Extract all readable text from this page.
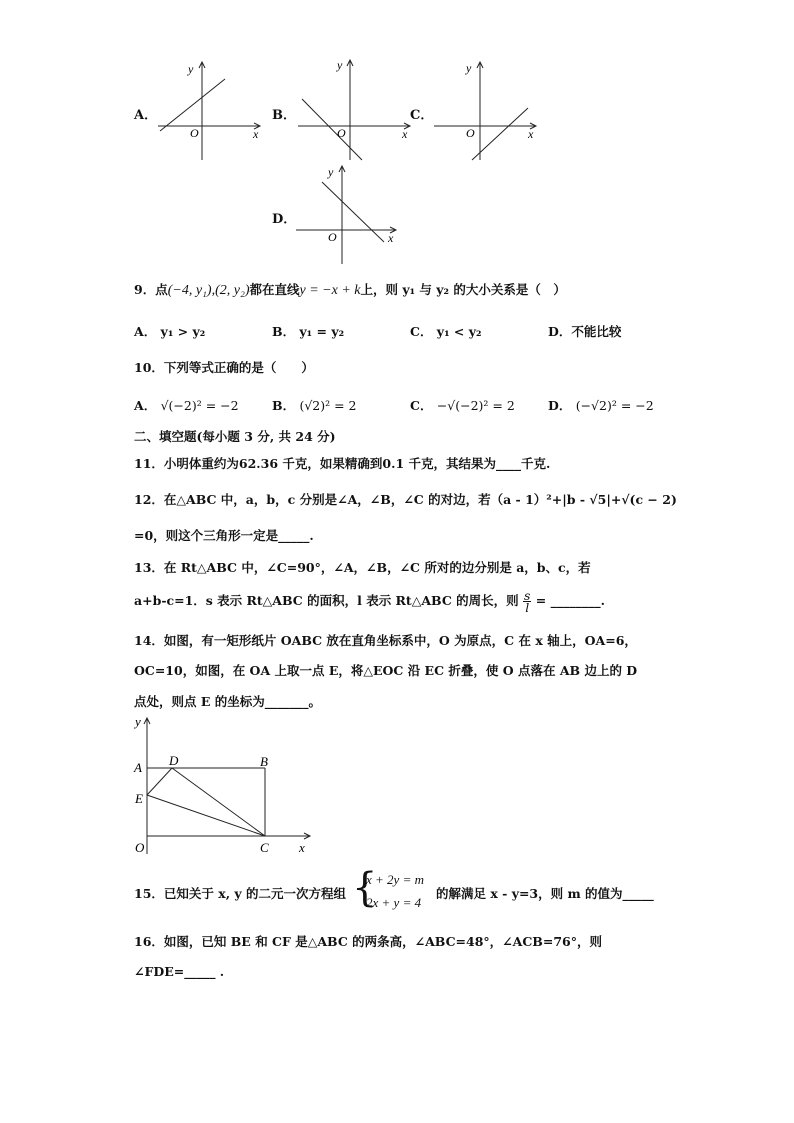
A．
y
x
O
B．
y
x
O
C．
y
x
O
D．
y
x
O
9．点(−4, y₁),(2, y₂)都在直线y = −x + k上，则 y₁ 与 y₂ 的大小关系是（　）
A． y₁ > y₂	B． y₁ = y₂	C． y₁ < y₂	D．不能比较
10．下列等式正确的是（　　）
A． √(−2)² = −2	B． (√2)² = 2	C． −√(−2)² = 2	D． (−√2)² = −2
二、填空题(每小题 3 分, 共 24 分)
11．小明体重约为62.36 千克，如果精确到0.1 千克，其结果为____千克.
12．在△ABC 中，a，b，c 分别是∠A，∠B，∠C 的对边，若（a - 1）²+|b - √5|+√(c − 2)
=0，则这个三角形一定是_____.
13．在 Rt△ABC 中，∠C=90°，∠A，∠B，∠C 所对的边分别是 a，b、c，若
a+b-c=1．s 表示 Rt△ABC 的面积，l 表示 Rt△ABC 的周长，则 $\frac{s}{l}$ = ________.
14．如图，有一矩形纸片 OABC 放在直角坐标系中，O 为原点，C 在 x 轴上，OA=6，
OC=10，如图，在 OA 上取一点 E，将△EOC 沿 EC 折叠，使 O 点落在 AB 边上的 D
点处，则点 E 的坐标为_______。
y
x
A D	B
E
O	C
15．已知关于 x, y 的二元一次方程组 {
x + 2y = m
2x + y = 4
的解满足 x - y=3，则 m 的值为_____
16．如图，已知 BE 和 CF 是△ABC 的两条高，∠ABC=48°，∠ACB=76°，则
∠FDE=_____ .
